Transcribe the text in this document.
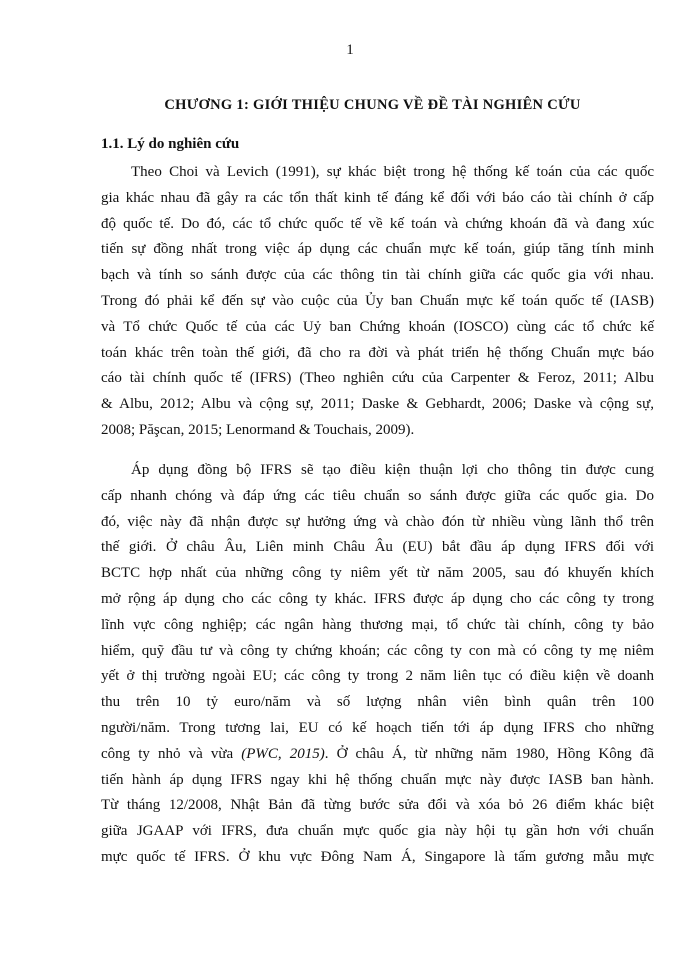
1
CHƯƠNG 1: GIỚI THIỆU CHUNG VỀ ĐỀ TÀI NGHIÊN CỨU
1.1. Lý do nghiên cứu
Theo Choi và Levich (1991), sự khác biệt trong hệ thống kế toán của các quốc
gia khác nhau đã gây ra các tổn thất kinh tế đáng kể đối với báo cáo tài chính ở cấp
độ quốc tế. Do đó, các tổ chức quốc tế về kế toán và chứng khoán đã và đang xúc
tiến sự đồng nhất trong việc áp dụng các chuẩn mực kế toán, giúp tăng tính minh
bạch và tính so sánh được của các thông tin tài chính giữa các quốc gia với nhau.
Trong đó phải kể đến sự vào cuộc của Ủy ban Chuẩn mực kế toán quốc tế (IASB)
và Tổ chức Quốc tế của các Uỷ ban Chứng khoán (IOSCO) cùng các tổ chức kế
toán khác trên toàn thế giới, đã cho ra đời và phát triển hệ thống Chuẩn mực báo
cáo tài chính quốc tế (IFRS) (Theo nghiên cứu của Carpenter & Feroz, 2011; Albu
& Albu, 2012; Albu và cộng sự, 2011; Daske & Gebhardt, 2006; Daske và cộng sự,
2008; Păşcan, 2015; Lenormand & Touchais, 2009).
Áp dụng đồng bộ IFRS sẽ tạo điều kiện thuận lợi cho thông tin được cung
cấp nhanh chóng và đáp ứng các tiêu chuẩn so sánh được giữa các quốc gia. Do
đó, việc này đã nhận được sự hưởng ứng và chào đón từ nhiều vùng lãnh thổ trên
thế giới. Ở châu Âu, Liên minh Châu Âu (EU) bắt đầu áp dụng IFRS đối với
BCTC hợp nhất của những công ty niêm yết từ năm 2005, sau đó khuyến khích
mở rộng áp dụng cho các công ty khác. IFRS được áp dụng cho các công ty trong
lĩnh vực công nghiệp; các ngân hàng thương mại, tổ chức tài chính, công ty bảo
hiểm, quỹ đầu tư và công ty chứng khoán; các công ty con mà có công ty mẹ niêm
yết ở thị trường ngoài EU; các công ty trong 2 năm liên tục có điều kiện về doanh
thu trên 10 tỷ euro/năm và số lượng nhân viên bình quân trên 100
người/năm. Trong tương lai, EU có kế hoạch tiến tới áp dụng IFRS cho những
công ty nhỏ và vừa (PWC, 2015). Ở châu Á, từ những năm 1980, Hồng Kông đã
tiến hành áp dụng IFRS ngay khi hệ thống chuẩn mực này được IASB ban hành.
Từ tháng 12/2008, Nhật Bản đã từng bước sửa đổi và xóa bỏ 26 điểm khác biệt
giữa JGAAP với IFRS, đưa chuẩn mực quốc gia này hội tụ gần hơn với chuẩn
mực quốc tế IFRS. Ở khu vực Đông Nam Á, Singapore là tấm gương mẫu mực
